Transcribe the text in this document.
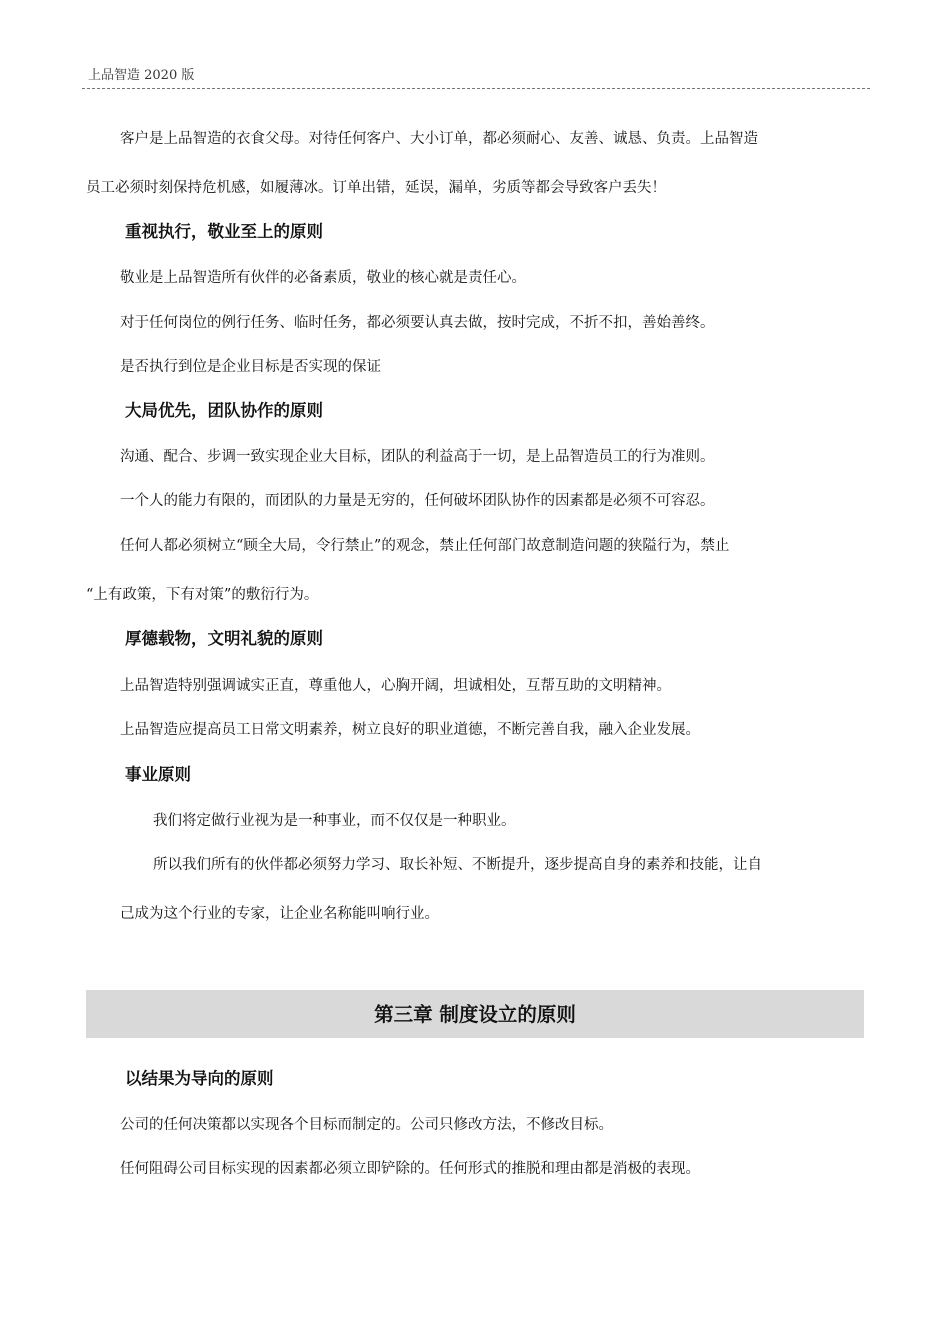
上品智造 2020 版
客户是上品智造的衣食父母。对待任何客户、大小订单，都必须耐心、友善、诚恳、负责。上品智造
员工必须时刻保持危机感，如履薄冰。订单出错，延误，漏单，劣质等都会导致客户丢失！
重视执行，敬业至上的原则
敬业是上品智造所有伙伴的必备素质，敬业的核心就是责任心。
对于任何岗位的例行任务、临时任务，都必须要认真去做，按时完成，不折不扣，善始善终。
是否执行到位是企业目标是否实现的保证
大局优先，团队协作的原则
沟通、配合、步调一致实现企业大目标，团队的利益高于一切，是上品智造员工的行为准则。
一个人的能力有限的，而团队的力量是无穷的，任何破坏团队协作的因素都是必须不可容忍。
任何人都必须树立“顾全大局，令行禁止”的观念，禁止任何部门故意制造问题的狭隘行为，禁止
“上有政策，下有对策”的敷衍行为。
厚德载物，文明礼貌的原则
上品智造特别强调诚实正直，尊重他人，心胸开阔，坦诚相处，互帮互助的文明精神。
上品智造应提高员工日常文明素养，树立良好的职业道德，不断完善自我，融入企业发展。
事业原则
我们将定做行业视为是一种事业，而不仅仅是一种职业。
所以我们所有的伙伴都必须努力学习、取长补短、不断提升，逐步提高自身的素养和技能，让自
己成为这个行业的专家，让企业名称能叫响行业。
第三章 制度设立的原则
以结果为导向的原则
公司的任何决策都以实现各个目标而制定的。公司只修改方法，不修改目标。
任何阻碍公司目标实现的因素都必须立即铲除的。任何形式的推脱和理由都是消极的表现。
